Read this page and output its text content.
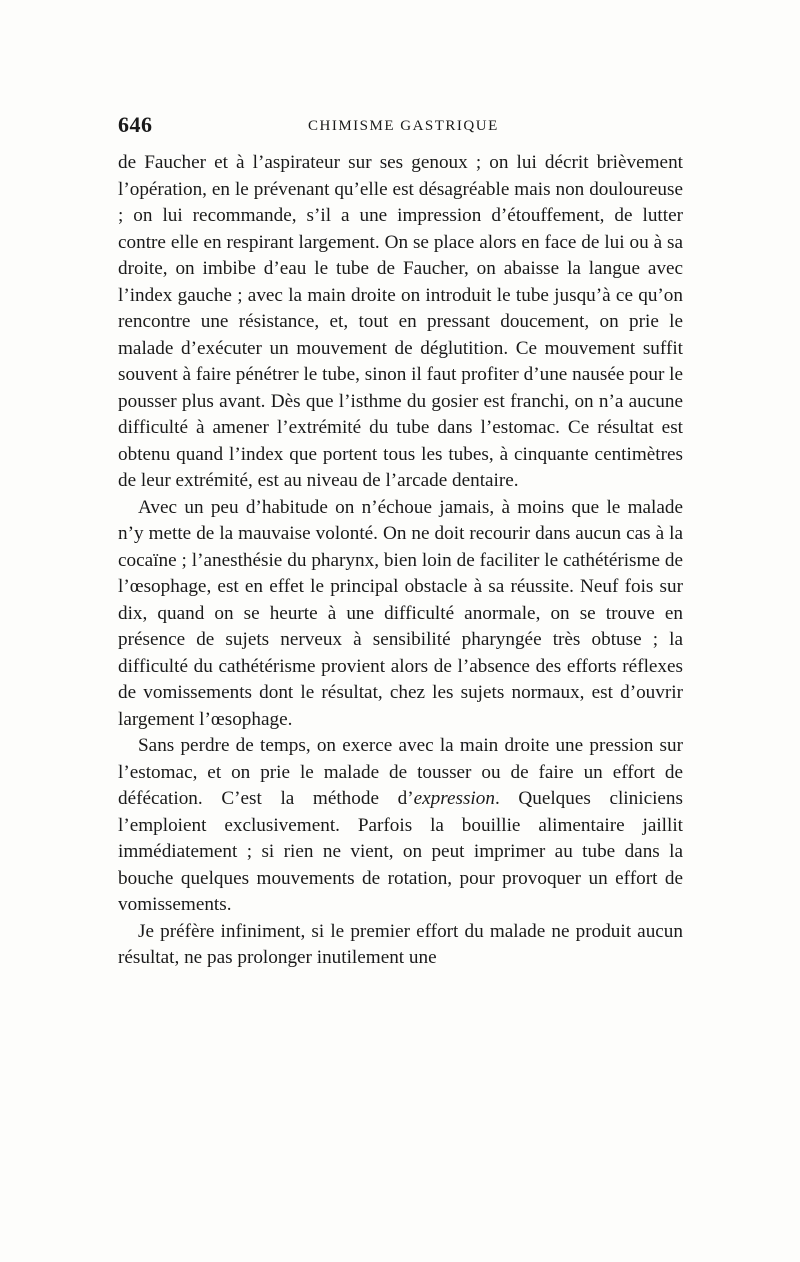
646	CHIMISME GASTRIQUE

de Faucher et à l’aspirateur sur ses genoux ; on lui décrit brièvement l’opération, en le prévenant qu’elle est désagréable mais non douloureuse ; on lui recommande, s’il a une impression d’étouffement, de lutter contre elle en respirant largement. On se place alors en face de lui ou à sa droite, on imbibe d’eau le tube de Faucher, on abaisse la langue avec l’index gauche ; avec la main droite on introduit le tube jusqu’à ce qu’on rencontre une résistance, et, tout en pressant doucement, on prie le malade d’exécuter un mouvement de déglutition. Ce mouvement suffit souvent à faire pénétrer le tube, sinon il faut profiter d’une nausée pour le pousser plus avant. Dès que l’isthme du gosier est franchi, on n’a aucune difficulté à amener l’extrémité du tube dans l’estomac. Ce résultat est obtenu quand l’index que portent tous les tubes, à cinquante centimètres de leur extrémité, est au niveau de l’arcade dentaire.

Avec un peu d’habitude on n’échoue jamais, à moins que le malade n’y mette de la mauvaise volonté. On ne doit recourir dans aucun cas à la cocaïne ; l’anesthésie du pharynx, bien loin de faciliter le cathétérisme de l’œsophage, est en effet le principal obstacle à sa réussite. Neuf fois sur dix, quand on se heurte à une difficulté anormale, on se trouve en présence de sujets nerveux à sensibilité pharyngée très obtuse ; la difficulté du cathétérisme provient alors de l’absence des efforts réflexes de vomissements dont le résultat, chez les sujets normaux, est d’ouvrir largement l’œsophage.

Sans perdre de temps, on exerce avec la main droite une pression sur l’estomac, et on prie le malade de tousser ou de faire un effort de défécation. C’est la méthode d’expression. Quelques cliniciens l’emploient exclusivement. Parfois la bouillie alimentaire jaillit immédiatement ; si rien ne vient, on peut imprimer au tube dans la bouche quelques mouvements de rotation, pour provoquer un effort de vomissements.

Je préfère infiniment, si le premier effort du malade ne produit aucun résultat, ne pas prolonger inutilement une
